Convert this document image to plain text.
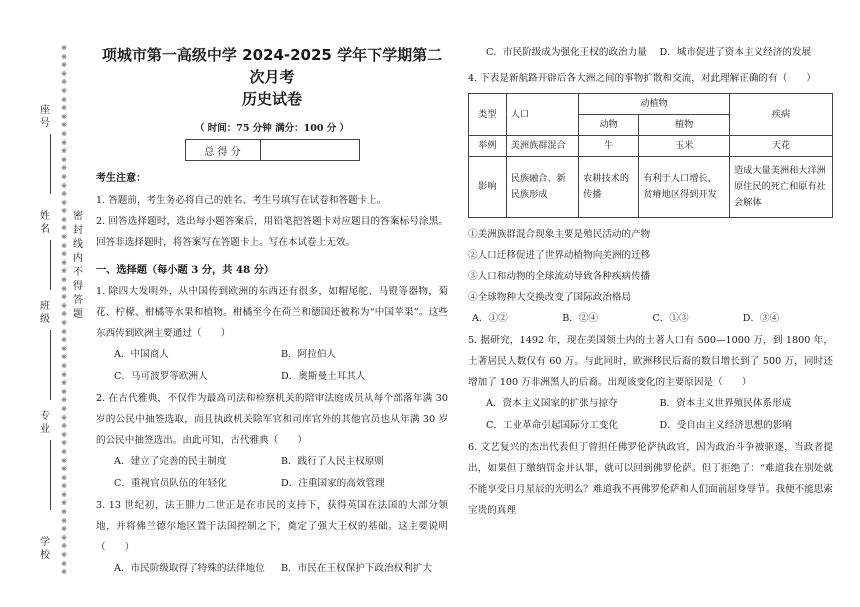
※※※※※※※※※※※※※※※※※※※※※※※※※※※※※※※※※※※※※※※※※※※※※※※※※※※※※※※※※※※※※※
密封线内不得答题
座号
姓名
班级
专业
学校
项城市第一高级中学 2024-2025 学年下学期第二次月考
历史试卷
（ 时间：75 分钟 满分：100 分 ）
总 得 分	
考生注意：

1. 答题前，考生务必将自己的姓名、考生号填写在试卷和答题卡上。

2. 回答选择题时，选出每小题答案后，用铅笔把答题卡对应题目的答案标号涂黑。回答非选择题时，将答案写在答题卡上。写在本试卷上无效。

一、选择题（每小题 3 分，共 48 分）

1. 除四大发明外，从中国传到欧洲的东西还有很多，如帽尾舵、马镫等器物，菊花、柠檬、柑橘等水果和植物。柑橘至今在荷兰和德国还被称为“中国苹果”。这些东西传到欧洲主要通过（　　）

A．中国商人	B．阿拉伯人
C．马可波罗等欧洲人	D．奥斯曼土耳其人

2. 在古代雅典，不仅作为最高司法和检察机关的陪审法庭成员从每个部落年满 30 岁的公民中抽签选取，而且执政机关除军官和司库官外的其他官员也从年满 30 岁的公民中抽签选出。由此可知，古代雅典（　　）

A．建立了完善的民主制度	B．践行了人民主权原则
C．重视官员队伍的年轻化	D．注重国家的高效管理

3. 13 世纪初，法王腓力二世正是在市民的支持下，获得英国在法国的大部分领地，并将佛兰德尔地区置于法国控制之下，奠定了强大王权的基础。这主要说明（　　）

A．市民阶级取得了特殊的法律地位	B．市民在王权保护下政治权利扩大
C．市民阶级成为强化王权的政治力量	D．城市促进了资本主义经济的发展

4. 下表是新航路开辟后各大洲之间的事物扩散和交流，对此理解正确的有（　　）

类型	人口	动植物		疾病
		动物	植物	
举例	美洲族群混合	牛	玉米	天花
影响	民族融合、新民族形成	农耕技术的传播	有利于人口增长，贫瘠地区得到开发	造成大量美洲和大洋洲原住民的死亡和原有社会解体

①美洲族群混合现象主要是殖民活动的产物

②人口迁移促进了世界动植物向美洲的迁移

③人口和动物的全球流动导致各种疾病传播

④全球物种大交换改变了国际政治格局

A．①②	B．②④	C．①③	D．③④

5. 据研究，1492 年，现在美国领土内的土著人口有 500—1000 万，到 1800 年，土著居民人数仅有 60 万。与此同时，欧洲移民后裔的数目增长到了 500 万，同时还增加了 100 万非洲黑人的后裔。出现该变化的主要原因是（　　）

A．资本主义国家的扩张与掠夺	B．资本主义世界殖民体系形成
C．工业革命引起国际分工变化	D．受自由主义经济思想的影响

6. 文艺复兴的杰出代表但丁曾担任佛罗伦萨执政官，因为政治斗争被驱逐，当政者提出，如果但丁缴纳罚金并认罪，就可以回到佛罗伦萨。但丁拒绝了：“难道我在别处就不能享受日月星辰的光明么？难道我不再佛罗伦萨和人们面前屈身辱节。我便不能思索宝贵的真理
